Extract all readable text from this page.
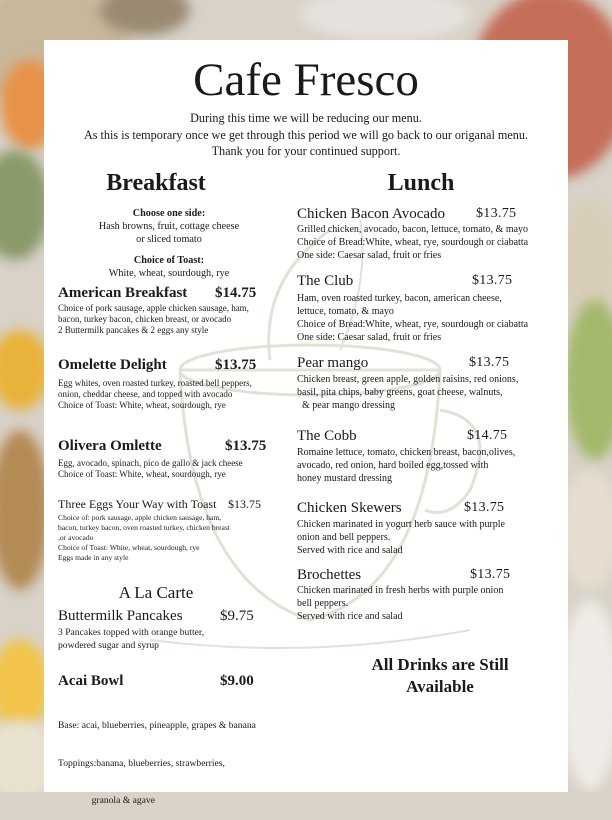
Cafe Fresco
During this time we will be reducing our menu.
As this is temporary once we get through this period we will go back to our origanal menu.
Thank you for your continued support.
Breakfast
Choose one side:
Hash browns, fruit, cottage cheese
or sliced tomato
Choice of Toast:
White, wheat, sourdough, rye
American Breakfast $14.75
Choice of pork sausage, apple chicken sausage, ham,
bacon, turkey bacon, chicken breast, or avocado
2 Buttermilk pancakes & 2 eggs any style
Omelette Delight	$13.75
Egg whites, oven roasted turkey, roasted bell peppers,
onion, cheddar cheese, and topped with avocado
Choice of Toast: White, wheat, sourdough, rye
Olivera Omlette	$13.75
Egg, avocado, spinach, pico de gallo & jack cheese
Choice of Toast: White, wheat, sourdough, rye
Three Eggs Your Way with Toast $13.75
Choice of: pork sausage, apple chicken sausage, ham,
bacon, turkey bacon, oven roasted turkey, chicken breast
,or avocado
Choice of Toast: White, wheat, sourdough, rye
Eggs made in any style
A La Carte
Buttermilk Pancakes $9.75
3 Pancakes topped with orange butter,
powdered sugar and syrup
Acai Bowl	$9.00

Base: acai, blueberries, pineapple, grapes & banana

Toppings:banana, blueberries, strawberries,

granola & agave

Lunch
Chicken Bacon Avocado $13.75
Grilled chicken, avocado, bacon, lettuce, tomato, & mayo
Choice of Bread:White, wheat, rye, sourdough or ciabatta
One side: Caesar salad, fruit or fries
The Club	$13.75
Ham, oven roasted turkey, bacon, american cheese,
lettuce, tomato, & mayo
Choice of Bread:White, wheat, rye, sourdough or ciabatta
One side: Caesar salad, fruit or fries
Pear mango	$13.75
Chicken breast, green apple, golden raisins, red onions,
basil, pita chips, baby greens, goat cheese, walnuts,
& pear mango dressing
The Cobb	$14.75
Romaine lettuce, tomato, chicken breast, bacon,olives,
avocado, red onion, hard boiled egg,tossed with
honey mustard dressing
Chicken Skewers	$13.75
Chicken marinated in yogurt herb sauce with purple
onion and bell peppers.
Served with rice and salad
Brochettes	$13.75
Chicken marinated in fresh herbs with purple onion
bell peppers.
Served with rice and salad
All Drinks are Still
Available
